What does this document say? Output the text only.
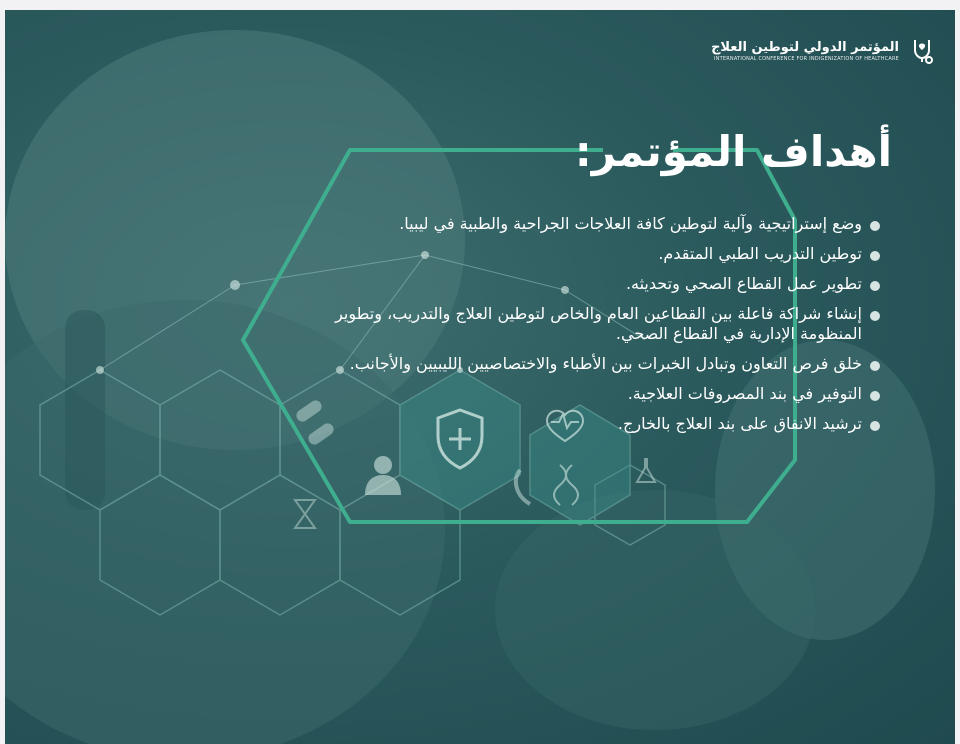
المؤتمر الدولي لتوطين العلاج
INTERNATIONAL CONFERENCE FOR INDIGENIZATION OF HEALTHCARE
أهداف المؤتمر:
وضع إستراتيجية وآلية لتوطين كافة العلاجات الجراحية والطبية في ليبيا.
توطين التدريب الطبي المتقدم.
تطوير عمل القطاع الصحي وتحديثه.
إنشاء شراكة فاعلة بين القطاعين العام والخاص لتوطين العلاج والتدريب، وتطوير المنظومة الإدارية في القطاع الصحي.
خلق فرص التعاون وتبادل الخبرات بين الأطباء والاختصاصيين الليبيين والأجانب.
التوفير في بند المصروفات العلاجية.
ترشيد الانفاق على بند العلاج بالخارج.
